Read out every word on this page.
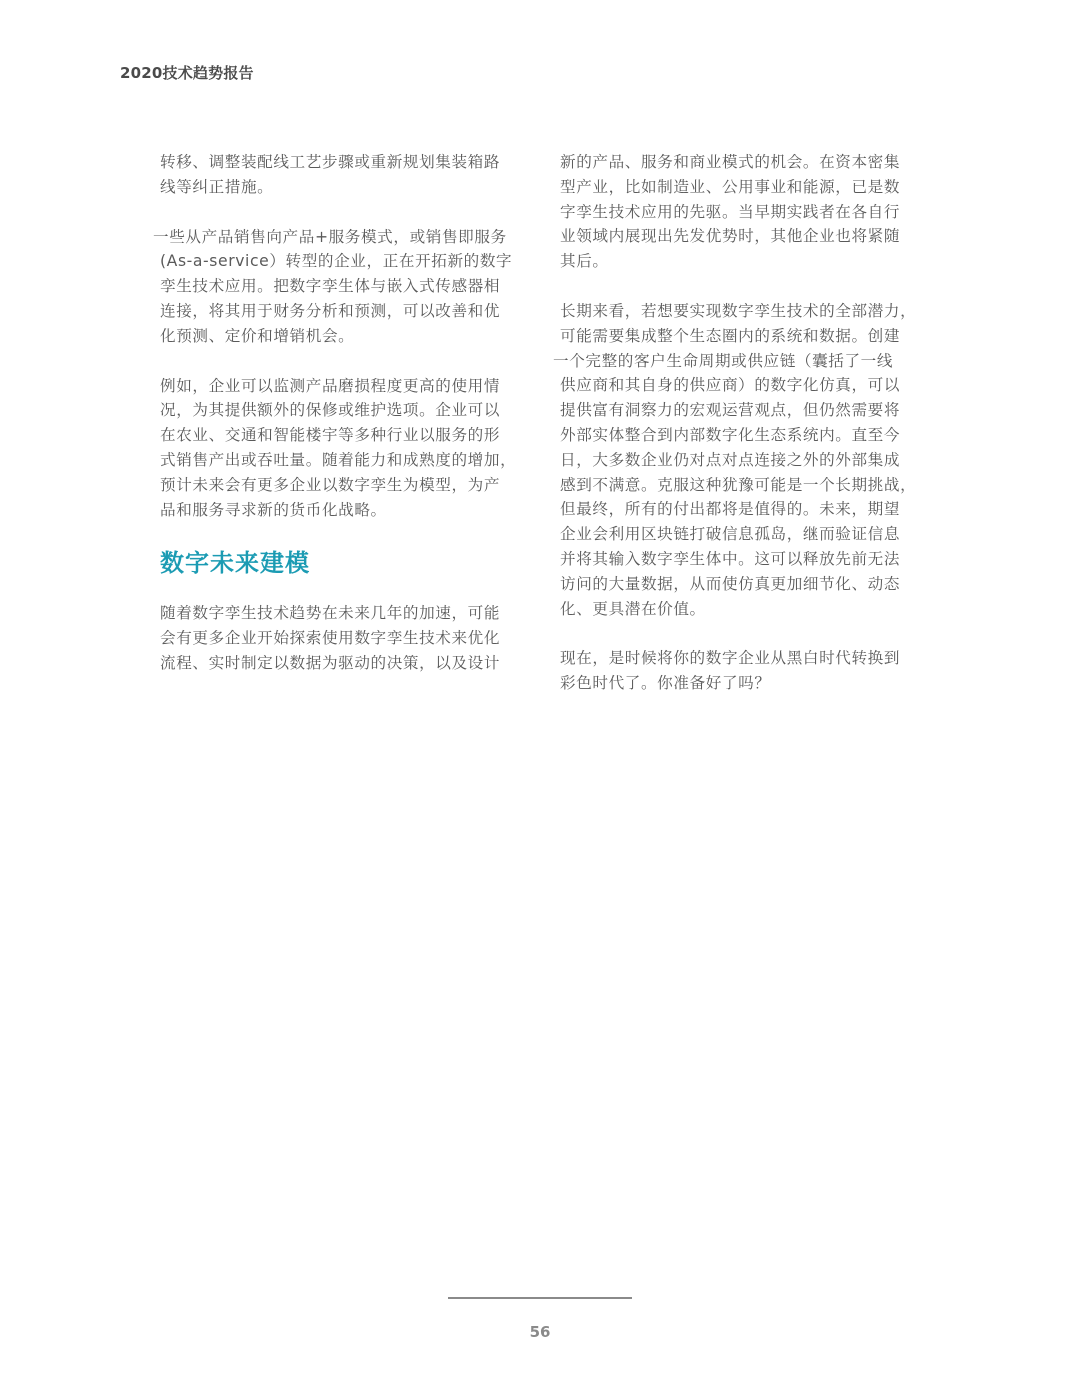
2020技术趋势报告

转移、调整装配线工艺步骤或重新规划集装箱路
线等纠正措施。

一些从产品销售向产品+服务模式，或销售即服务
(As-a-service）转型的企业，正在开拓新的数字
孪生技术应用。把数字孪生体与嵌入式传感器相
连接，将其用于财务分析和预测，可以改善和优
化预测、定价和增销机会。

例如，企业可以监测产品磨损程度更高的使用情
况，为其提供额外的保修或维护选项。企业可以
在农业、交通和智能楼宇等多种行业以服务的形
式销售产出或吞吐量。随着能力和成熟度的增加，
预计未来会有更多企业以数字孪生为模型，为产
品和服务寻求新的货币化战略。

数字未来建模

随着数字孪生技术趋势在未来几年的加速，可能
会有更多企业开始探索使用数字孪生技术来优化
流程、实时制定以数据为驱动的决策，以及设计

新的产品、服务和商业模式的机会。在资本密集
型产业，比如制造业、公用事业和能源，已是数
字孪生技术应用的先驱。当早期实践者在各自行
业领域内展现出先发优势时，其他企业也将紧随
其后。

长期来看，若想要实现数字孪生技术的全部潜力，
可能需要集成整个生态圈内的系统和数据。创建
一个完整的客户生命周期或供应链（囊括了一线
供应商和其自身的供应商）的数字化仿真，可以
提供富有洞察力的宏观运营观点，但仍然需要将
外部实体整合到内部数字化生态系统内。直至今
日，大多数企业仍对点对点连接之外的外部集成
感到不满意。克服这种犹豫可能是一个长期挑战，
但最终，所有的付出都将是值得的。未来，期望
企业会利用区块链打破信息孤岛，继而验证信息
并将其输入数字孪生体中。这可以释放先前无法
访问的大量数据，从而使仿真更加细节化、动态
化、更具潜在价值。

现在，是时候将你的数字企业从黑白时代转换到
彩色时代了。你准备好了吗？

56
